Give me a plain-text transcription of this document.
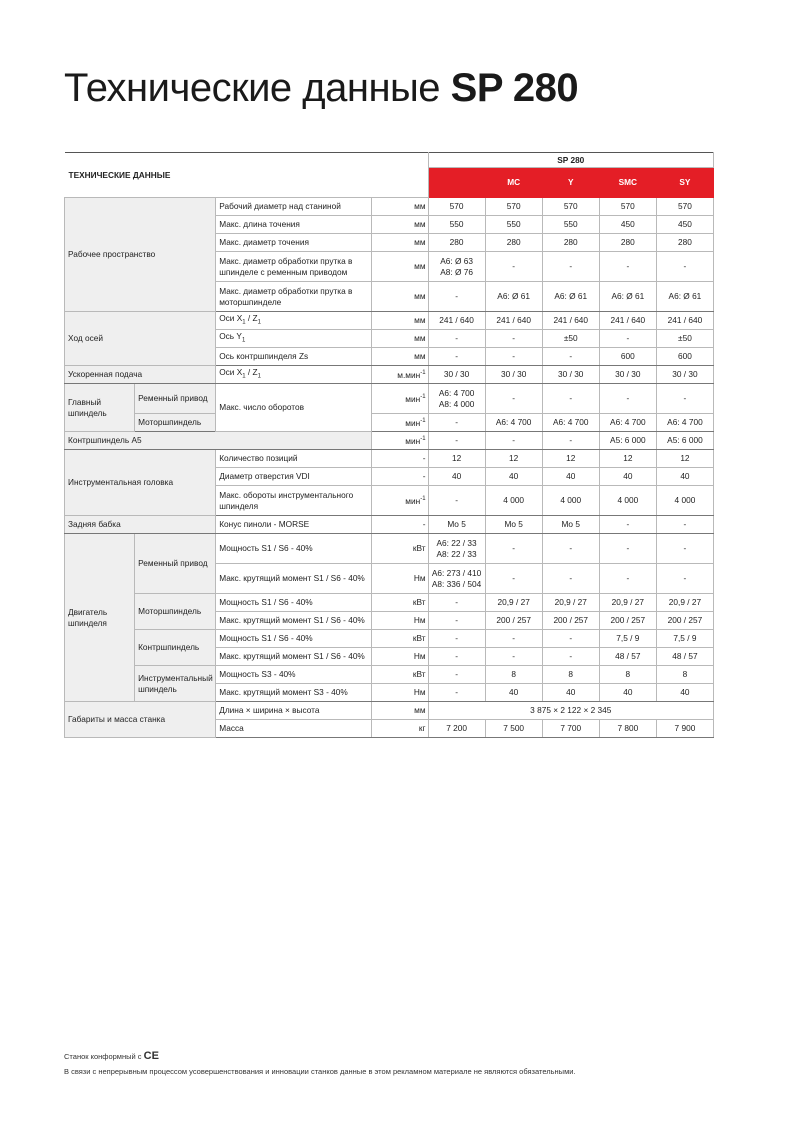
Технические данные SP 280
ТЕХНИЧЕСКИЕ ДАННЫЕ				SP 280				
					MC	Y	SMC	SY
Рабочее пространство		Рабочий диаметр над станиной	мм	570	570	570	570	570
		Макс. длина точения	мм	550	550	550	450	450
		Макс. диаметр точения	мм	280	280	280	280	280
		Макс. диаметр обработки прутка в шпинделе с ременным приводом	мм	A6: Ø 63
A8: Ø 76	-	-	-	-
		Макс. диаметр обработки прутка в моторшпинделе	мм	-	A6: Ø 61	A6: Ø 61	A6: Ø 61	A6: Ø 61
Ход осей		Оси $X_1 / Z_1$	мм	241 / 640	241 / 640	241 / 640	241 / 640	241 / 640
		Ось $Y_1$	мм	-	-	±50	-	±50
		Ось контршпинделя Zs	мм	-	-	-	600	600
Ускоренная подача		Оси $X_1 / Z_1$	м.мин$^{-1}$	30 / 30	30 / 30	30 / 30	30 / 30	30 / 30
Главный шпиндель	Ременный привод	Макс. число оборотов	мин$^{-1}$	A6: 4 700
A8: 4 000	-	-	-	-
	Моторшпиндель		мин$^{-1}$	-	A6: 4 700	A6: 4 700	A6: 4 700	A6: 4 700
Контршпиндель A5			мин$^{-1}$	-	-	-	A5: 6 000	A5: 6 000
Инструментальная головка		Количество позиций	-	12	12	12	12	12
		Диаметр отверстия VDI	-	40	40	40	40	40
		Макс. обороты инструментального шпинделя	мин$^{-1}$	-	4 000	4 000	4 000	4 000
Задняя бабка		Конус пиноли - MORSE	-	Mo 5	Mo 5	Mo 5	-	-
Двигатель шпинделя	Ременный привод	Мощность S1 / S6 - 40%	кВт	A6: 22 / 33
A8: 22 / 33	-	-	-	-
		Макс. крутящий момент S1 / S6 - 40%	Нм	A6: 273 / 410
A8: 336 / 504	-	-	-	-
	Моторшпиндель	Мощность S1 / S6 - 40%	кВт	-	20,9 / 27	20,9 / 27	20,9 / 27	20,9 / 27
		Макс. крутящий момент S1 / S6 - 40%	Нм	-	200 / 257	200 / 257	200 / 257	200 / 257
	Контршпиндель	Мощность S1 / S6 - 40%	кВт	-	-	-	7,5 / 9	7,5 / 9
		Макс. крутящий момент S1 / S6 - 40%	Нм	-	-	-	48 / 57	48 / 57
	Инструментальный шпиндель	Мощность S3 - 40%	кВт	-	8	8	8	8
		Макс. крутящий момент S3 - 40%	Нм	-	40	40	40	40
Габариты и масса станка		Длина × ширина × высота	мм	3 875 × 2 122 × 2 345				
		Масса	кг	7 200	7 500	7 700	7 800	7 900
Станок конформный с CE
В связи с непрерывным процессом усовершенствования и инновации станков данные в этом рекламном материале не являются обязательными.
